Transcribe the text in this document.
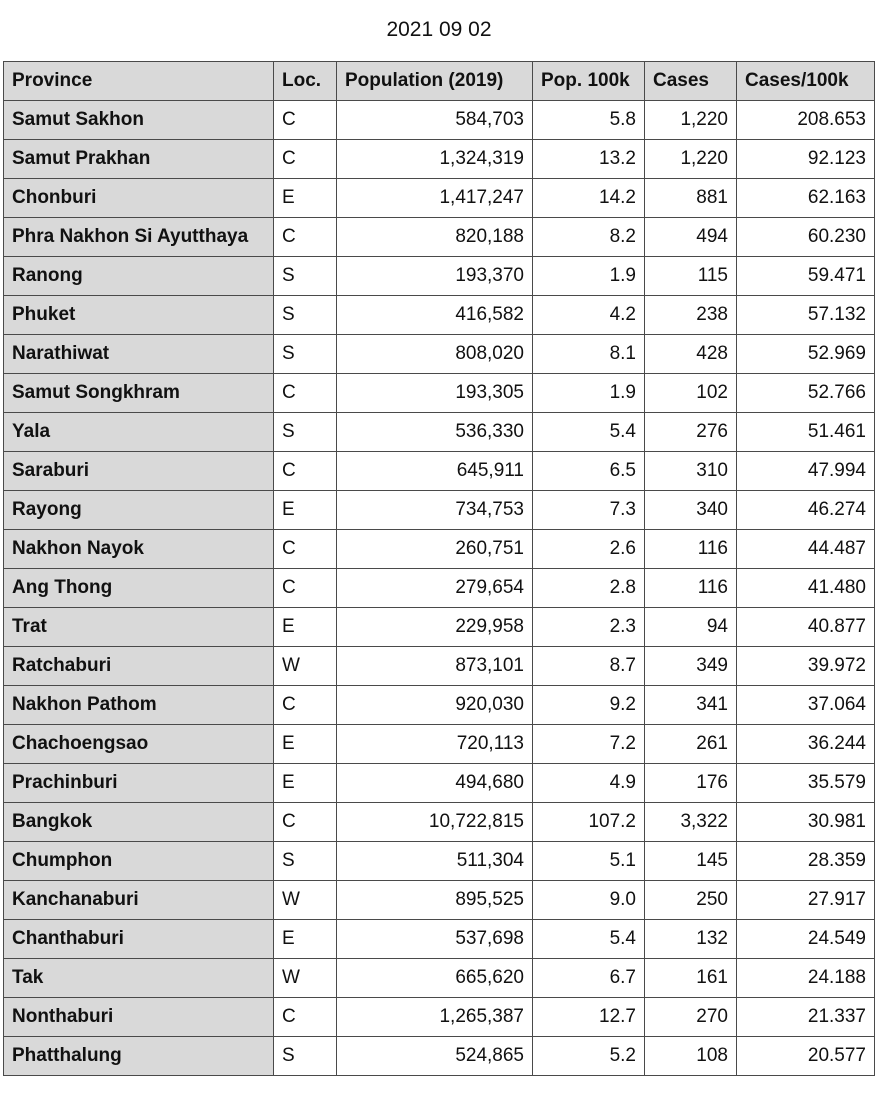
2021 09 02
Province	Loc.	Population (2019)	Pop. 100k	Cases	Cases/100k
Samut Sakhon	C	584,703	5.8	1,220	208.653
Samut Prakhan	C	1,324,319	13.2	1,220	92.123
Chonburi	E	1,417,247	14.2	881	62.163
Phra Nakhon Si Ayutthaya	C	820,188	8.2	494	60.230
Ranong	S	193,370	1.9	115	59.471
Phuket	S	416,582	4.2	238	57.132
Narathiwat	S	808,020	8.1	428	52.969
Samut Songkhram	C	193,305	1.9	102	52.766
Yala	S	536,330	5.4	276	51.461
Saraburi	C	645,911	6.5	310	47.994
Rayong	E	734,753	7.3	340	46.274
Nakhon Nayok	C	260,751	2.6	116	44.487
Ang Thong	C	279,654	2.8	116	41.480
Trat	E	229,958	2.3	94	40.877
Ratchaburi	W	873,101	8.7	349	39.972
Nakhon Pathom	C	920,030	9.2	341	37.064
Chachoengsao	E	720,113	7.2	261	36.244
Prachinburi	E	494,680	4.9	176	35.579
Bangkok	C	10,722,815	107.2	3,322	30.981
Chumphon	S	511,304	5.1	145	28.359
Kanchanaburi	W	895,525	9.0	250	27.917
Chanthaburi	E	537,698	5.4	132	24.549
Tak	W	665,620	6.7	161	24.188
Nonthaburi	C	1,265,387	12.7	270	21.337
Phatthalung	S	524,865	5.2	108	20.577
